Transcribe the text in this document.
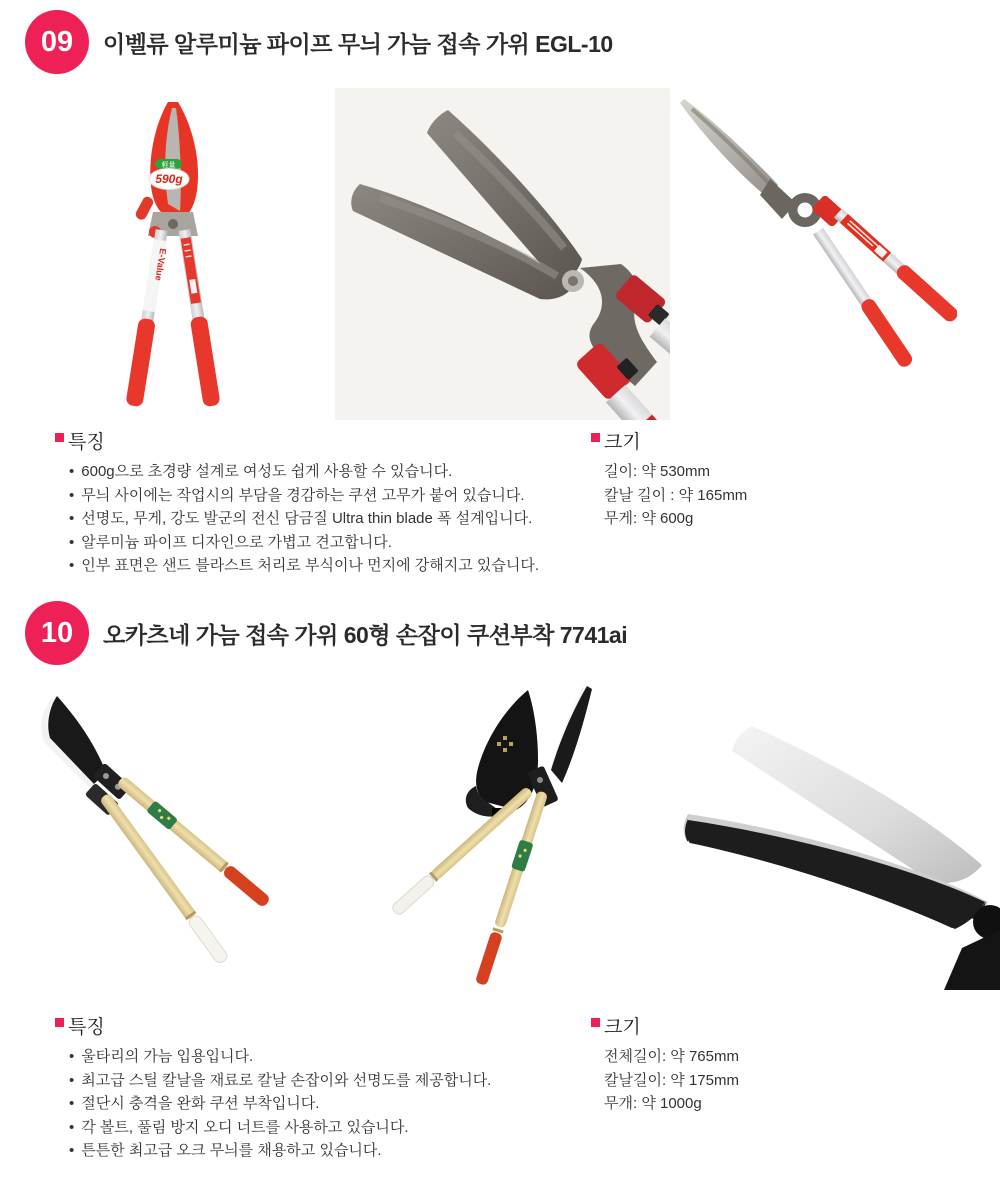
09 이벨류 알루미늄 파이프 무늬 가늠 접속 가위 EGL-10
軽量
590g
E-Value
특징
• 600g으로 초경량 설계로 여성도 쉽게 사용할 수 있습니다.
• 무늬 사이에는 작업시의 부담을 경감하는 쿠션 고무가 붙어 있습니다.
• 선명도, 무게, 강도 발군의 전신 담금질 Ultra thin blade 폭 설계입니다.
• 알루미늄 파이프 디자인으로 가볍고 견고합니다.
• 인부 표면은 샌드 블라스트 처리로 부식이나 먼지에 강해지고 있습니다.
크기
길이: 약 530mm
칼날 길이 : 약 165mm
무게: 약 600g
10 오카츠네 가늠 접속 가위 60형 손잡이 쿠션부착 7741ai
특징
• 울타리의 가늠 입용입니다.
• 최고급 스틸 칼날을 재료로 칼날 손잡이와 선명도를 제공합니다.
• 절단시 충격을 완화 쿠션 부착입니다.
• 각 볼트, 풀림 방지 오디 너트를 사용하고 있습니다.
• 튼튼한 최고급 오크 무늬를 채용하고 있습니다.
크기
전체길이: 약 765mm
칼날길이: 약 175mm
무개: 약 1000g
